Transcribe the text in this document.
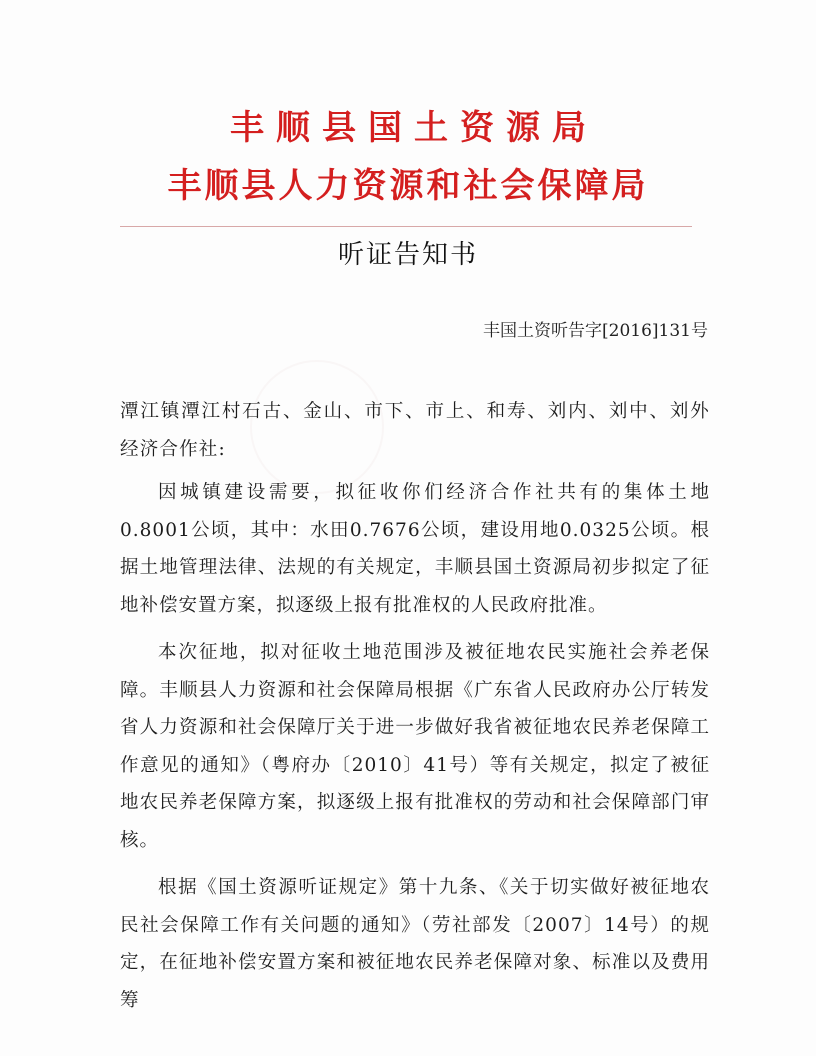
丰顺县国土资源局
丰顺县人力资源和社会保障局
听证告知书
丰国土资听告字[2016]131号
潭江镇潭江村石古、金山、市下、市上、和寿、刘内、刘中、刘外经济合作社:

因城镇建设需要，拟征收你们经济合作社共有的集体土地0.8001公顷，其中：水田0.7676公顷，建设用地0.0325公顷。根据土地管理法律、法规的有关规定，丰顺县国土资源局初步拟定了征地补偿安置方案，拟逐级上报有批准权的人民政府批准。

本次征地，拟对征收土地范围涉及被征地农民实施社会养老保障。丰顺县人力资源和社会保障局根据《广东省人民政府办公厅转发省人力资源和社会保障厅关于进一步做好我省被征地农民养老保障工作意见的通知》（粤府办〔2010〕41号）等有关规定，拟定了被征地农民养老保障方案，拟逐级上报有批准权的劳动和社会保障部门审核。

根据《国土资源听证规定》第十九条、《关于切实做好被征地农民社会保障工作有关问题的通知》（劳社部发〔2007〕14号）的规定，在征地补偿安置方案和被征地农民养老保障对象、标准以及费用筹
